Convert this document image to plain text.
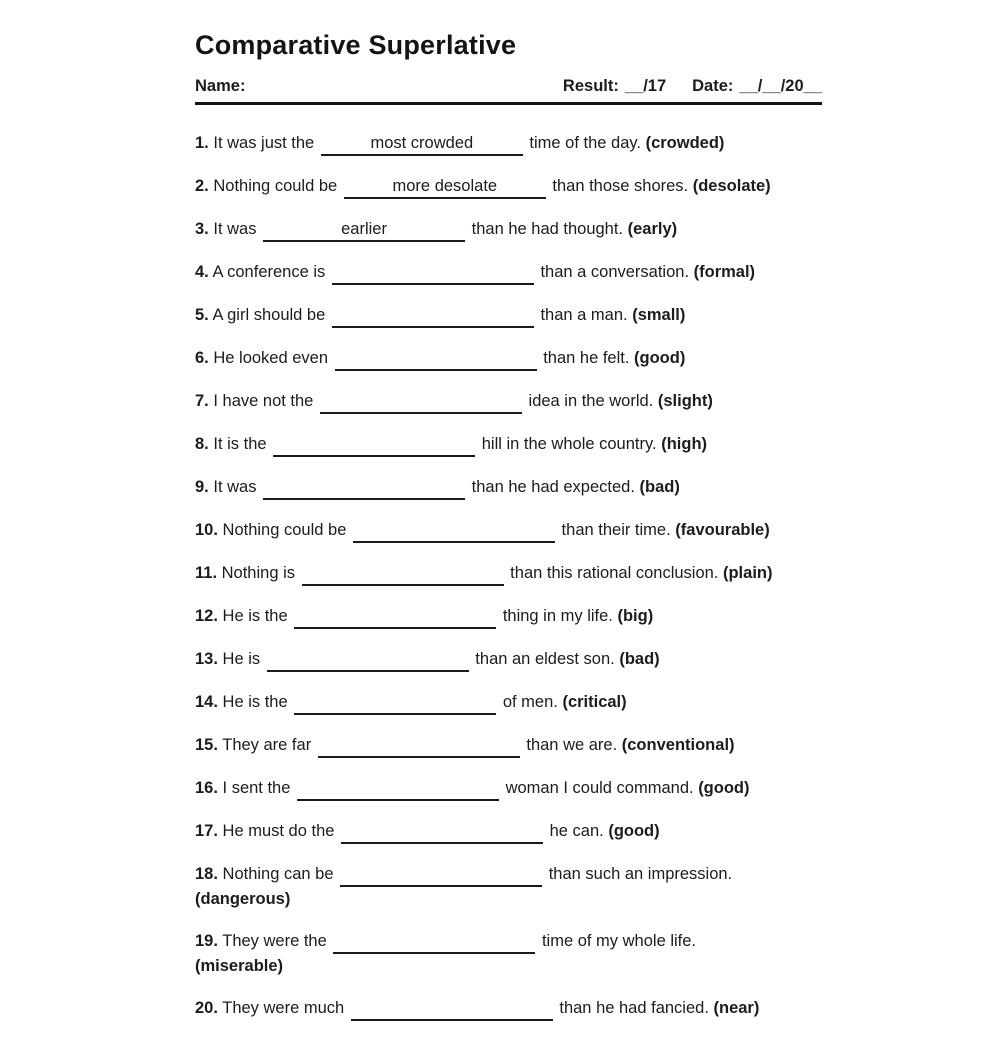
Comparative Superlative
Name:	Result: __/17 Date: __/__/20__

1. It was just the	most crowded	time of the day. (crowded)

2. Nothing could be	more desolate	than those shores. (desolate)

3. It was	earlier	than he had thought. (early)

4. A conference is	than a conversation. (formal)

5. A girl should be	than a man. (small)

6. He looked even	than he felt. (good)

7. I have not the	idea in the world. (slight)

8. It is the	hill in the whole country. (high)

9. It was	than he had expected. (bad)

10. Nothing could be	than their time. (favourable)

11. Nothing is	than this rational conclusion. (plain)

12. He is the	thing in my life. (big)

13. He is	than an eldest son. (bad)

14. He is the	of men. (critical)

15. They are far	than we are. (conventional)

16. I sent the	woman I could command. (good)

17. He must do the	he can. (good)

18. Nothing can be	than such an impression.
(dangerous)

19. They were the	time of my whole life.
(miserable)

20. They were much	than he had fancied. (near)
